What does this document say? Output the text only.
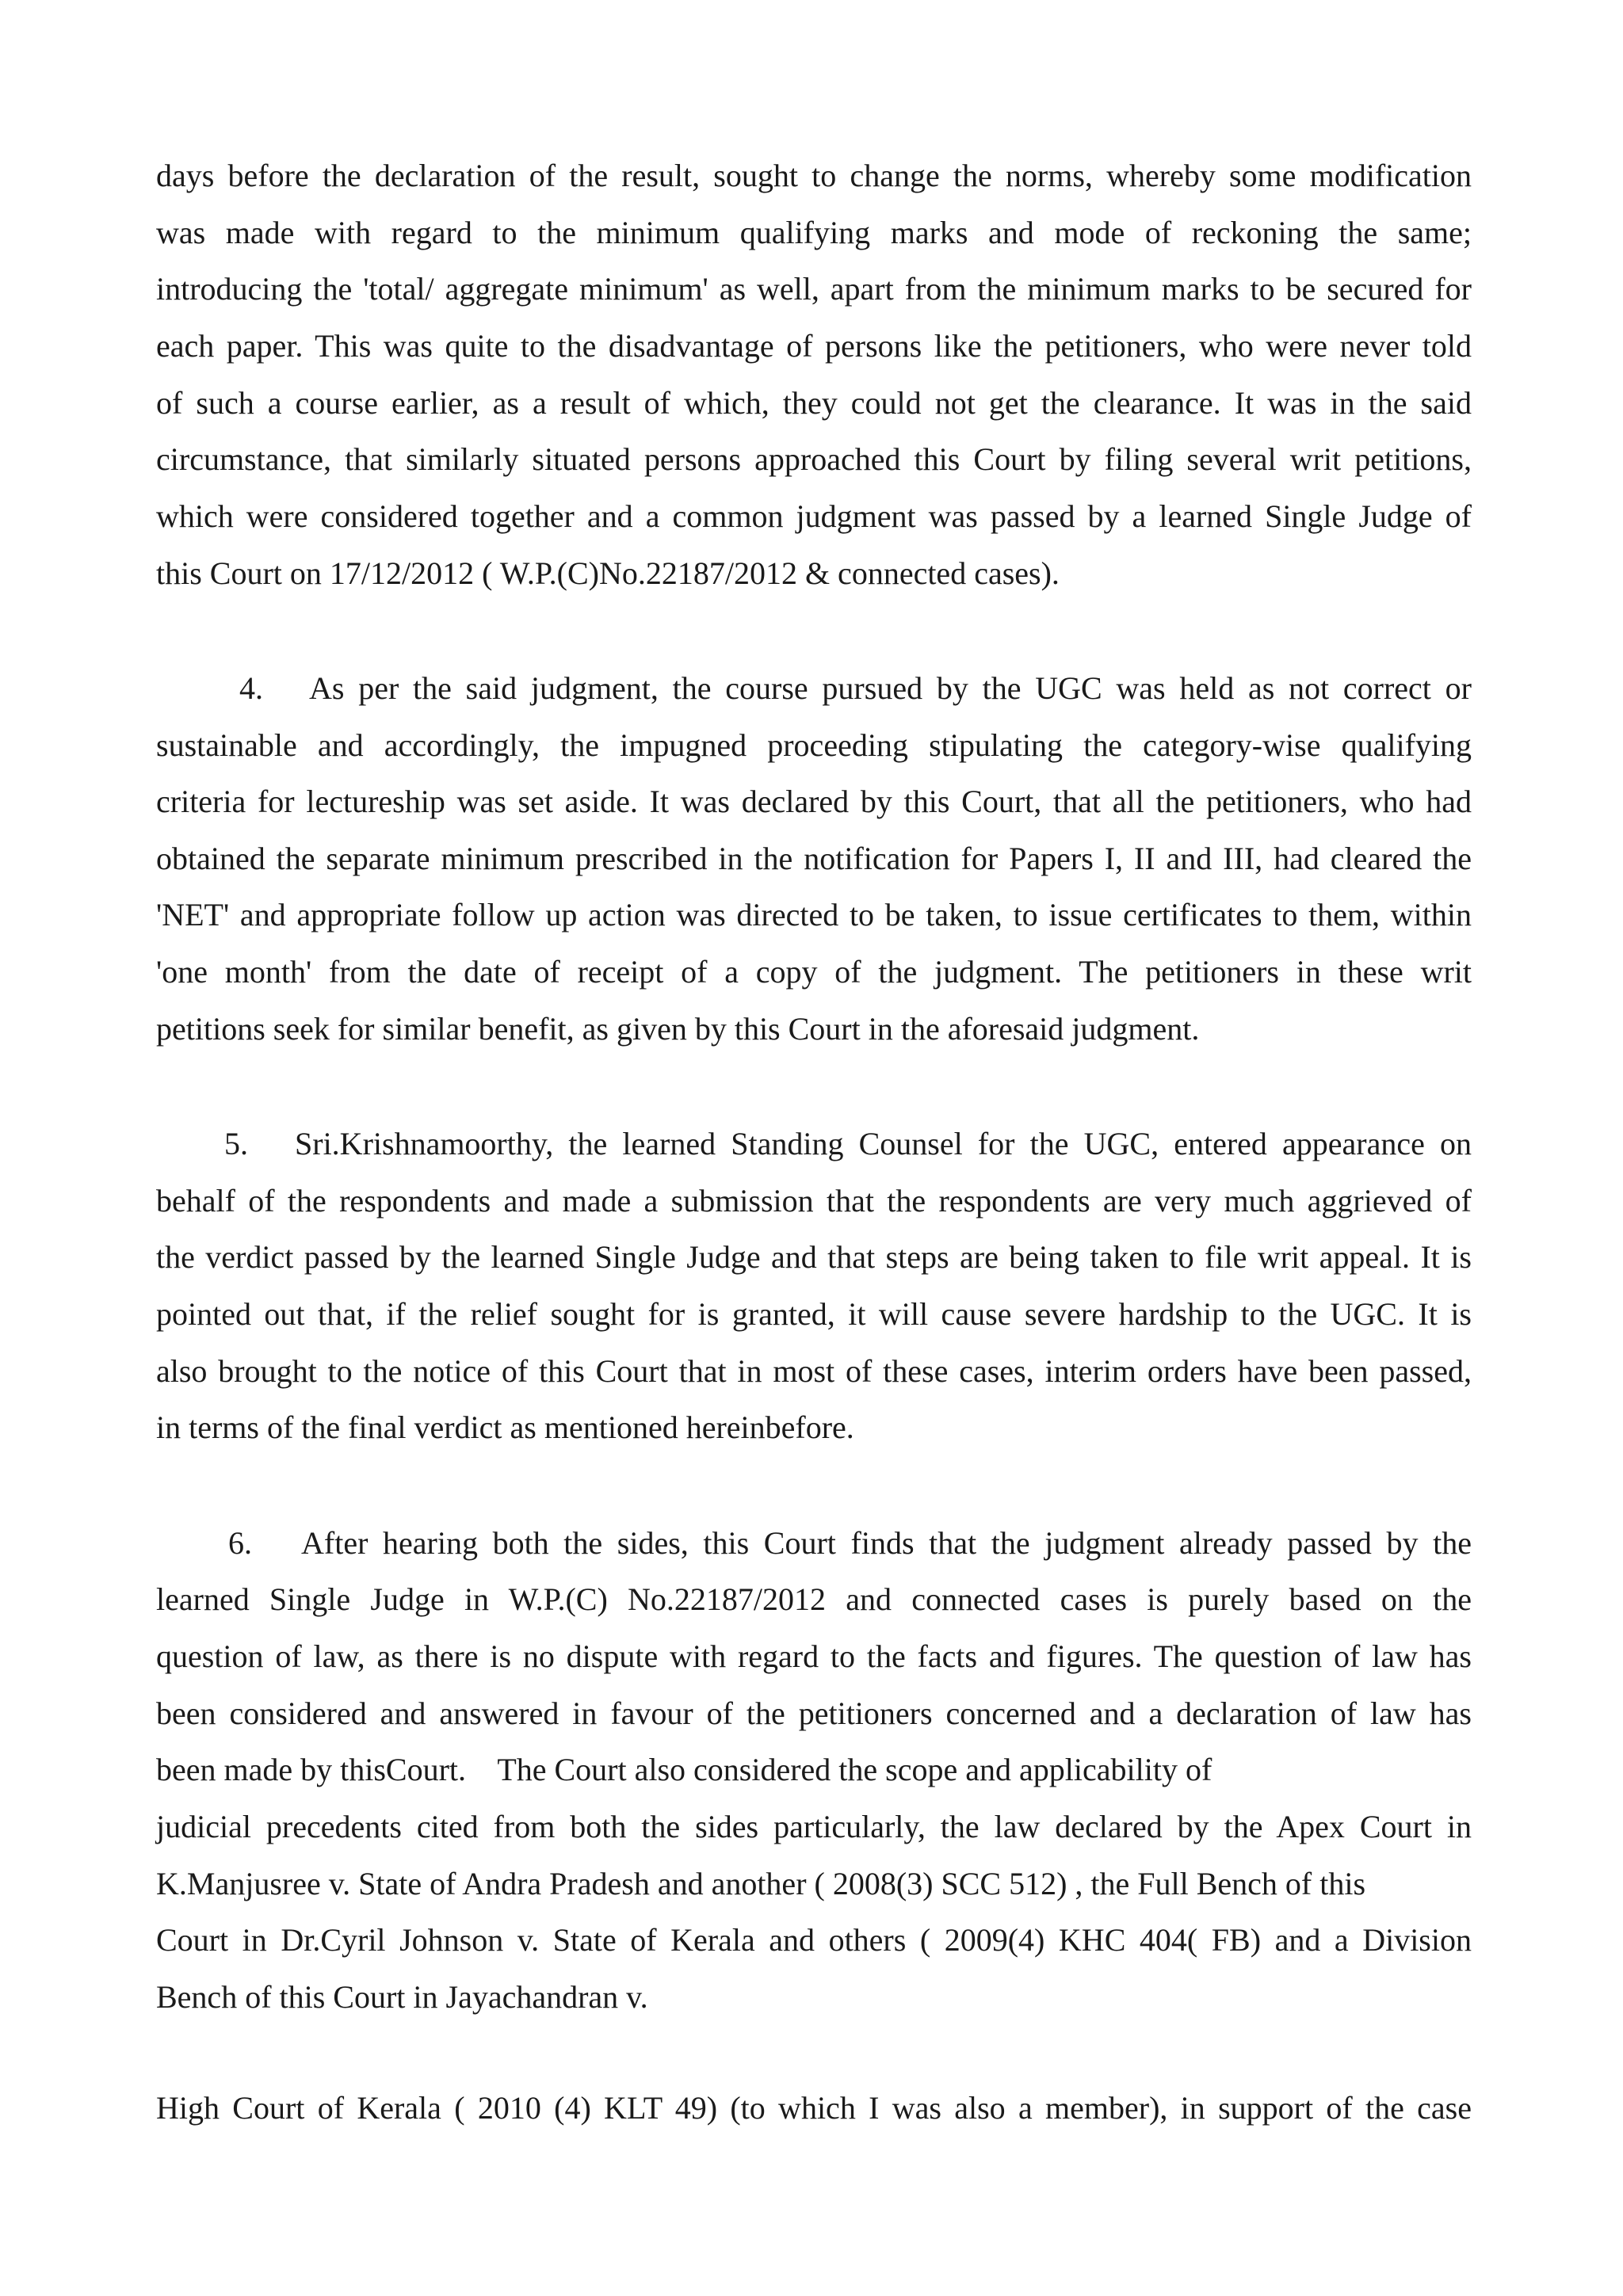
days before the declaration of the result, sought to change the norms, whereby some modification
was made with regard to the minimum qualifying marks and mode of reckoning the same;
introducing the 'total/ aggregate minimum' as well, apart from the minimum marks to be secured for
each paper. This was quite to the disadvantage of persons like the petitioners, who were never told
of such a course earlier, as a result of which, they could not get the clearance. It was in the said
circumstance, that similarly situated persons approached this Court by filing several writ petitions,
which were considered together and a common judgment was passed by a learned Single Judge of
this Court on 17/12/2012 ( W.P.(C)No.22187/2012 & connected cases).
4.	As per the said judgment, the course pursued by the UGC was held as not correct or
sustainable and accordingly, the impugned proceeding stipulating the category-wise qualifying
criteria for lectureship was set aside. It was declared by this Court, that all the petitioners, who had
obtained the separate minimum prescribed in the notification for Papers I, II and III, had cleared the
'NET' and appropriate follow up action was directed to be taken, to issue certificates to them, within
'one month' from the date of receipt of a copy of the judgment. The petitioners in these writ
petitions seek for similar benefit, as given by this Court in the aforesaid judgment.
5.	Sri.Krishnamoorthy, the learned Standing Counsel for the UGC, entered appearance on
behalf of the respondents and made a submission that the respondents are very much aggrieved of
the verdict passed by the learned Single Judge and that steps are being taken to file writ appeal. It is
pointed out that, if the relief sought for is granted, it will cause severe hardship to the UGC. It is
also brought to the notice of this Court that in most of these cases, interim orders have been passed,
in terms of the final verdict as mentioned hereinbefore.
6.	After hearing both the sides, this Court finds that the judgment already passed by the
learned Single Judge in W.P.(C) No.22187/2012 and connected cases is purely based on the
question of law, as there is no dispute with regard to the facts and figures. The question of law has
been considered and answered in favour of the petitioners concerned and a declaration of law has
been made by thisCourt.    The Court also considered the scope and applicability of
judicial precedents cited from both the sides particularly, the law declared by the Apex Court in
K.Manjusree v. State of Andra Pradesh and another ( 2008(3) SCC 512) , the Full Bench of this
Court in Dr.Cyril Johnson v. State of Kerala and others ( 2009(4) KHC 404( FB) and a Division
Bench of this Court in Jayachandran v.
High Court of Kerala ( 2010 (4) KLT 49) (to which I was also a member), in support of the case
